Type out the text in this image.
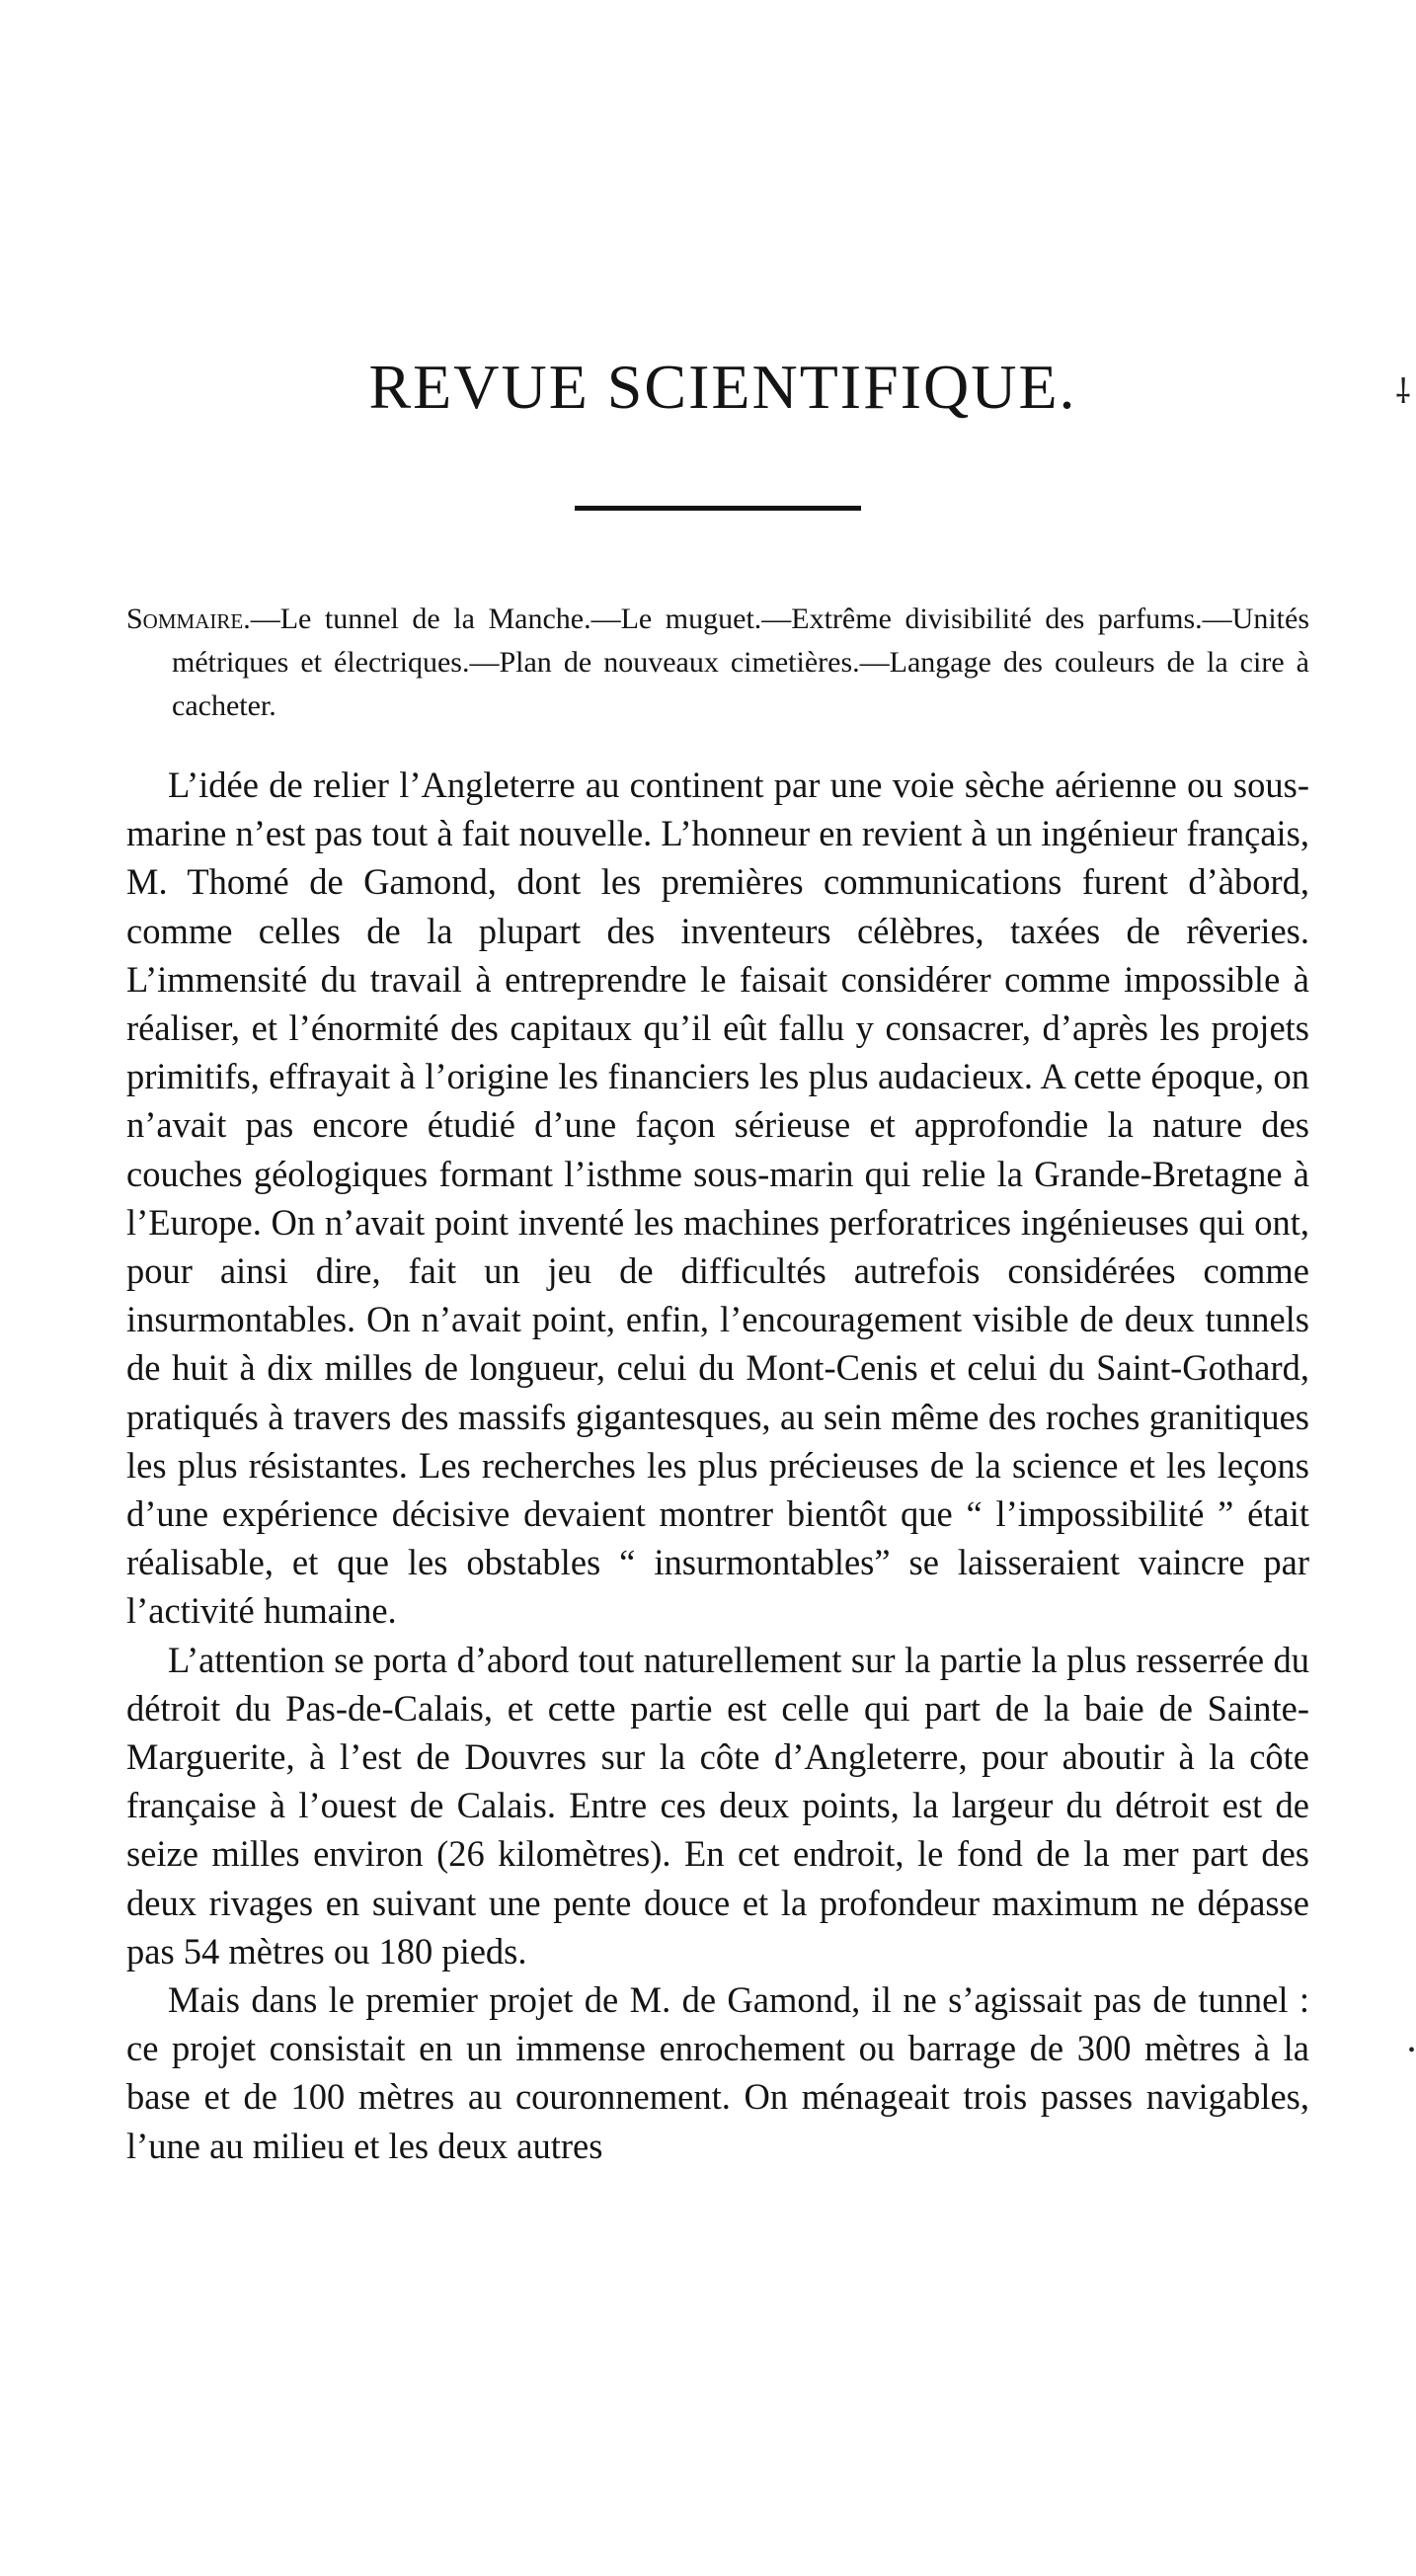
REVUE SCIENTIFIQUE.

Sommaire.—Le tunnel de la Manche.—Le muguet.—Extrême divisibilité des parfums.—Unités métriques et électriques.—Plan de nouveaux cimetières.—Langage des couleurs de la cire à cacheter.

L’idée de relier l’Angleterre au continent par une voie sèche aérienne ou sous-marine n’est pas tout à fait nouvelle. L’honneur en revient à un ingénieur français, M. Thomé de Gamond, dont les premières communications furent d’àbord, comme celles de la plupart des inventeurs célèbres, taxées de rêveries. L’immensité du travail à entreprendre le faisait considérer comme impossible à réaliser, et l’énormité des capitaux qu’il eût fallu y consacrer, d’après les projets primitifs, effrayait à l’origine les financiers les plus audacieux. A cette époque, on n’avait pas encore étudié d’une façon sérieuse et approfondie la nature des couches géologiques formant l’isthme sous-marin qui relie la Grande-Bretagne à l’Europe. On n’avait point inventé les machines perforatrices ingénieuses qui ont, pour ainsi dire, fait un jeu de difficultés autrefois considérées comme insurmontables. On n’avait point, enfin, l’encouragement visible de deux tunnels de huit à dix milles de longueur, celui du Mont-Cenis et celui du Saint-Gothard, pratiqués à travers des massifs gigantesques, au sein même des roches granitiques les plus résistantes. Les recherches les plus précieuses de la science et les leçons d’une expérience décisive devaient montrer bientôt que “ l’impossibilité ” était réalisable, et que les obstables “ insurmontables” se laisseraient vaincre par l’activité humaine.

L’attention se porta d’abord tout naturellement sur la partie la plus resserrée du détroit du Pas-de-Calais, et cette partie est celle qui part de la baie de Sainte-Marguerite, à l’est de Douvres sur la côte d’Angleterre, pour aboutir à la côte française à l’ouest de Calais. Entre ces deux points, la largeur du détroit est de seize milles environ (26 kilomètres). En cet endroit, le fond de la mer part des deux rivages en suivant une pente douce et la profondeur maximum ne dépasse pas 54 mètres ou 180 pieds.

Mais dans le premier projet de M. de Gamond, il ne s’agissait pas de tunnel : ce projet consistait en un immense enrochement ou barrage de 300 mètres à la base et de 100 mètres au couronnement. On ménageait trois passes navigables, l’une au milieu et les deux autres

⸸
•
